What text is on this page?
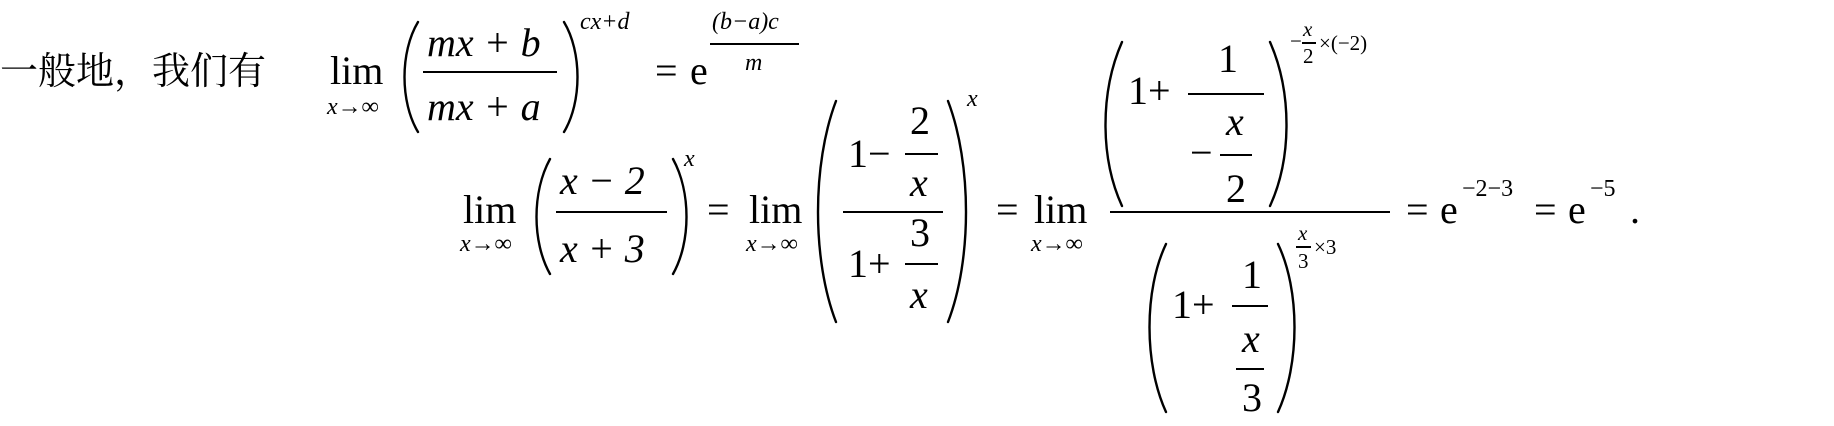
一般地，我们有 lim
x→∞
mx + b
mx + a
cx+d
= e
(b−a)c
m
lim
x→∞
x − 2
x + 3
x
= lim
x→∞
1−
2
x
1+
3
x
x
= lim
x→∞
1+
1
−
x
2
− x
2
×(−2)
1+
1
x
3
x
3
×3
= e −2−3 = e −5 .
